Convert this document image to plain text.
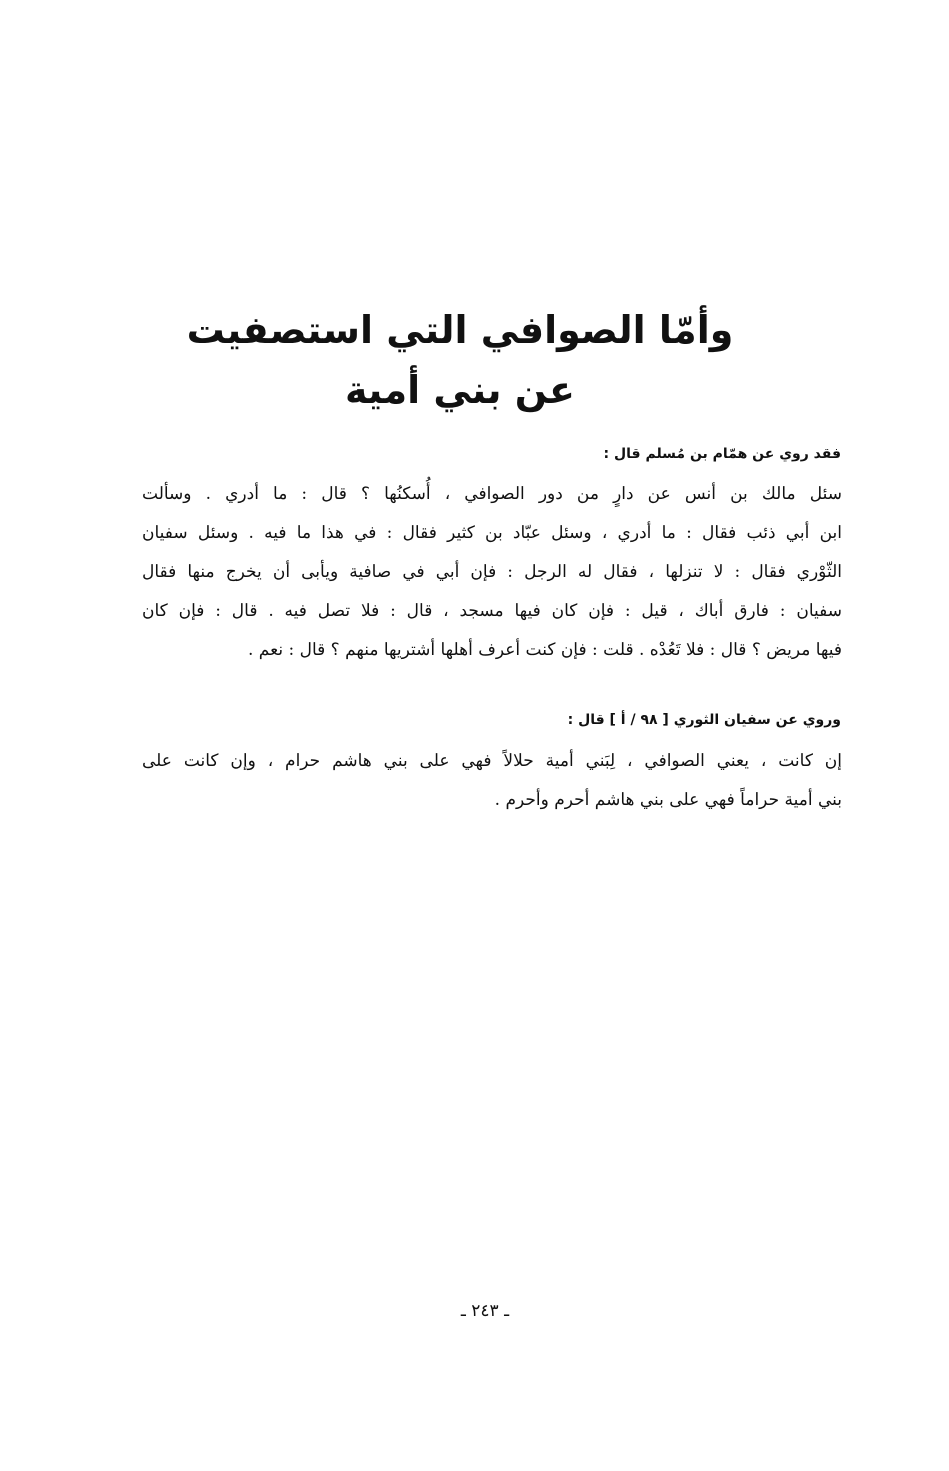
وأمّا الصوافي التي استصفيت عن بني أمية

فقد روي عن همّام بن مُسلم قال :

سئل مالك بن أنس عن دارٍ من دور الصوافي ، أُسكنُها ؟ قال : ما أدري . وسألت
ابن أبي ذئب فقال : ما أدري ، وسئل عبّاد بن كثير فقال : في هذا ما فيه . وسئل سفيان
الثّوْري فقال : لا تنزلها ، فقال له الرجل : فإن أبي في صافية ويأبى أن يخرج منها فقال
سفيان : فارق أباك ، قيل : فإن كان فيها مسجد ، قال : فلا تصل فيه . قال : فإن كان
فيها مريض ؟ قال : فلا تَعُدْه . قلت : فإن كنت أعرف أهلها أشتريها منهم ؟ قال : نعم .

وروي عن سفيان الثوري [ ٩٨ / أ ] قال :

إن كانت ، يعني الصوافي ، لِبَني أمية حلالاً فهي على بني هاشم حرام ، وإن كانت على
بني أمية حراماً فهي على بني هاشم أحرم وأحرم .
ـ ٢٤٣ ـ
